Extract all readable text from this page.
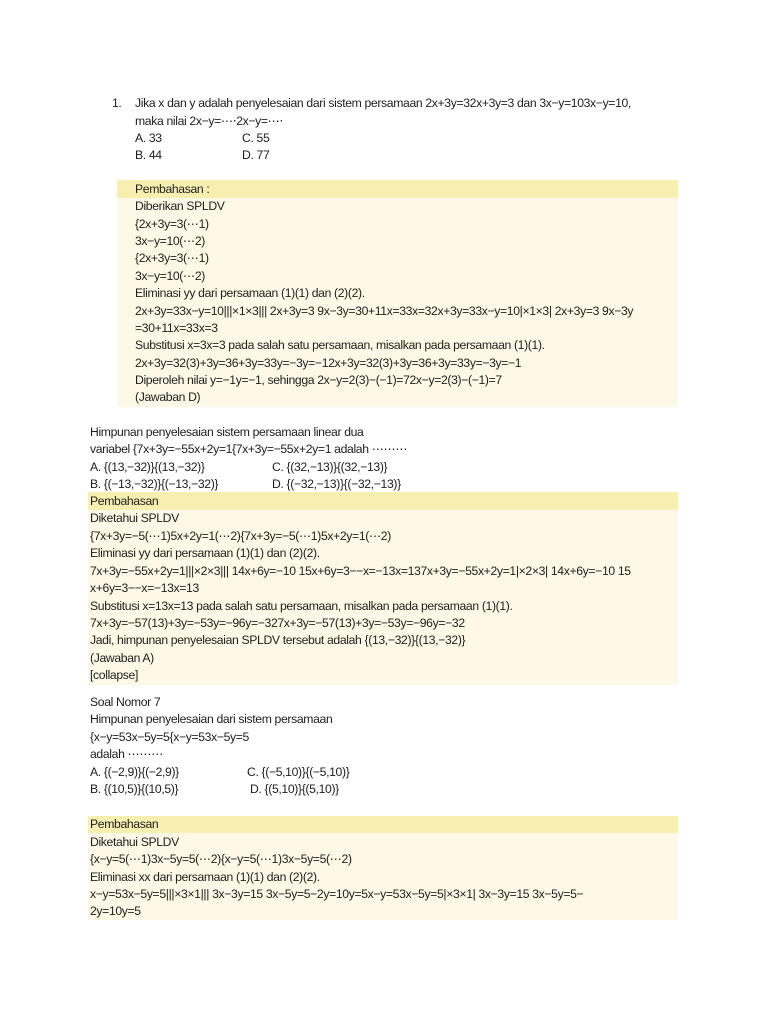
1. Jika x dan y adalah penyelesaian dari sistem persamaan 2x+3y=32x+3y=3 dan 3x−y=103x−y=10,
maka nilai 2x−y=⋯⋅2x−y=⋯⋅
A. 33
B. 44
C. 55
D. 77
Himpunan penyelesaian sistem persamaan linear dua
variabel {7x+3y=−55x+2y=1{7x+3y=−55x+2y=1 adalah ⋯⋯⋯
A. {(13,−32)}{(13,−32)}
B. {(−13,−32)}{(−13,−32)}
C. {(32,−13)}{(32,−13)}
D. {(−32,−13)}{(−32,−13)}
Soal Nomor 7
Himpunan penyelesaian dari sistem persamaan
{x−y=53x−5y=5{x−y=53x−5y=5
adalah ⋯⋯⋯
A. {(−2,9)}{(−2,9)}
B. {(10,5)}{(10,5)}
C. {(−5,10)}{(−5,10)}
D. {(5,10)}{(5,10)}
Pembahasan :
Diberikan SPLDV
{2x+3y=3(⋯1)
3x−y=10(⋯2)
{2x+3y=3(⋯1)
3x−y=10(⋯2)
Eliminasi yy dari persamaan (1)(1) dan (2)(2).
2x+3y=33x−y=10|||×1×3||| 2x+3y=3 9x−3y=30+11x=33x=32x+3y=33x−y=10|×1×3| 2x+3y=3 9x−3y
=30+11x=33x=3
Substitusi x=3x=3 pada salah satu persamaan, misalkan pada persamaan (1)(1).
2x+3y=32(3)+3y=36+3y=33y=−3y=−12x+3y=32(3)+3y=36+3y=33y=−3y=−1
Diperoleh nilai y=−1y=−1, sehingga 2x−y=2(3)−(−1)=72x−y=2(3)−(−1)=7
(Jawaban D)
Pembahasan
Diketahui SPLDV
{7x+3y=−5(⋯1)5x+2y=1(⋯2){7x+3y=−5(⋯1)5x+2y=1(⋯2)
Eliminasi yy dari persamaan (1)(1) dan (2)(2).
7x+3y=−55x+2y=1|||×2×3||| 14x+6y=−10 15x+6y=3−−x=−13x=137x+3y=−55x+2y=1|×2×3| 14x+6y=−10 15
x+6y=3−−x=−13x=13
Substitusi x=13x=13 pada salah satu persamaan, misalkan pada persamaan (1)(1).
7x+3y=−57(13)+3y=−53y=−96y=−327x+3y=−57(13)+3y=−53y=−96y=−32
Jadi, himpunan penyelesaian SPLDV tersebut adalah {(13,−32)}{(13,−32)}
(Jawaban A)
[collapse]
Pembahasan
Diketahui SPLDV
{x−y=5(⋯1)3x−5y=5(⋯2){x−y=5(⋯1)3x−5y=5(⋯2)
Eliminasi xx dari persamaan (1)(1) dan (2)(2).
x−y=53x−5y=5|||×3×1||| 3x−3y=15 3x−5y=5−2y=10y=5x−y=53x−5y=5|×3×1| 3x−3y=15 3x−5y=5−
2y=10y=5
